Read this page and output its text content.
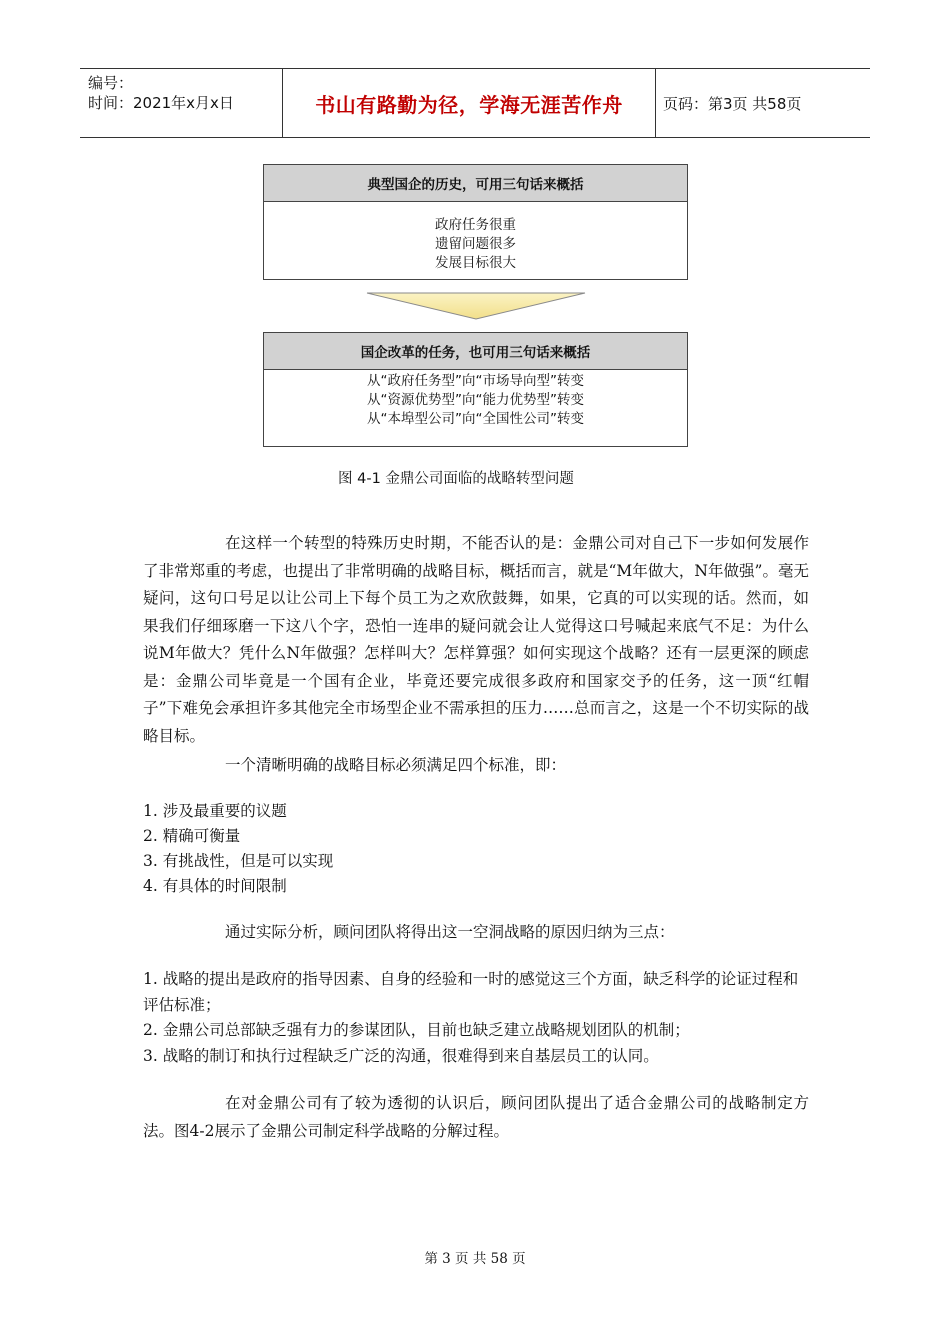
编号：
时间：2021年x月x日	书山有路勤为径，学海无涯苦作舟	页码：第3页 共58页
典型国企的历史，可用三句话来概括
政府任务很重
遗留问题很多
发展目标很大
国企改革的任务，也可用三句话来概括
从“政府任务型”向“市场导向型”转变
从“资源优势型”向“能力优势型”转变
从“本埠型公司”向“全国性公司”转变
图 4-1 金鼎公司面临的战略转型问题
在这样一个转型的特殊历史时期，不能否认的是：金鼎公司对自己下一步如何发展作了非常郑重的考虑，也提出了非常明确的战略目标，概括而言，就是“M年做大，N年做强”。毫无疑问，这句口号足以让公司上下每个员工为之欢欣鼓舞，如果，它真的可以实现的话。然而，如果我们仔细琢磨一下这八个字，恐怕一连串的疑问就会让人觉得这口号喊起来底气不足：为什么说M年做大？凭什么N年做强？怎样叫大？怎样算强？如何实现这个战略？还有一层更深的顾虑是：金鼎公司毕竟是一个国有企业，毕竟还要完成很多政府和国家交予的任务，这一顶“红帽子”下难免会承担许多其他完全市场型企业不需承担的压力……总而言之，这是一个不切实际的战略目标。
一个清晰明确的战略目标必须满足四个标准，即：
1. 涉及最重要的议题
2. 精确可衡量
3. 有挑战性，但是可以实现
4. 有具体的时间限制
通过实际分析，顾问团队将得出这一空洞战略的原因归纳为三点：
1. 战略的提出是政府的指导因素、自身的经验和一时的感觉这三个方面，缺乏科学的论证过程和评估标准；
2. 金鼎公司总部缺乏强有力的参谋团队，目前也缺乏建立战略规划团队的机制；
3. 战略的制订和执行过程缺乏广泛的沟通，很难得到来自基层员工的认同。
在对金鼎公司有了较为透彻的认识后，顾问团队提出了适合金鼎公司的战略制定方法。图4-2展示了金鼎公司制定科学战略的分解过程。
第 3 页 共 58 页
